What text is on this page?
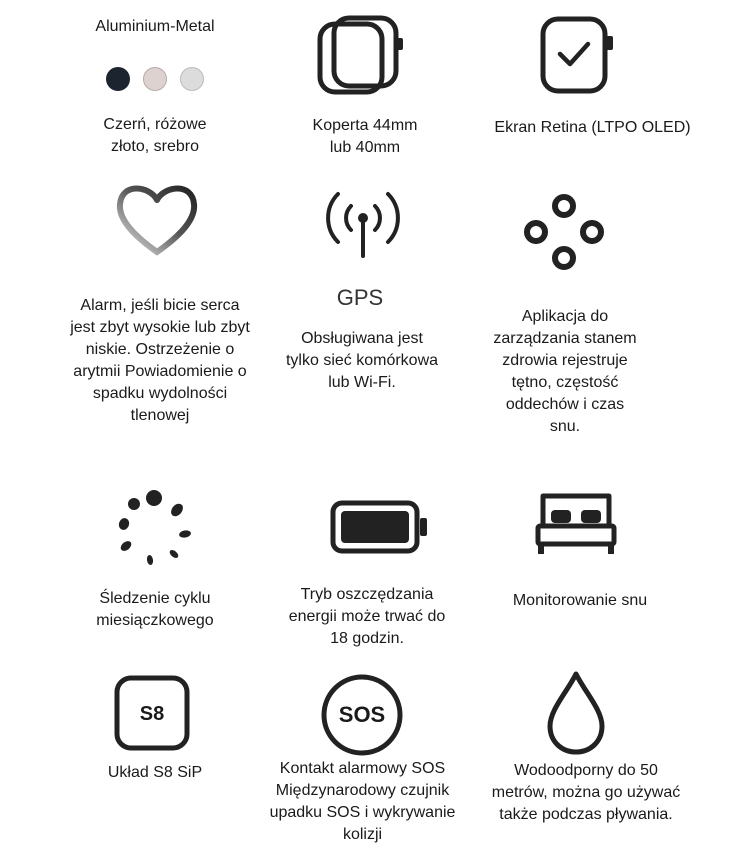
Aluminium-Metal
Czerń, różowe
złoto, srebro
Koperta 44mm
lub 40mm
Ekran Retina (LTPO OLED)
Alarm, jeśli bicie serca
jest zbyt wysokie lub zbyt
niskie. Ostrzeżenie o
arytmii Powiadomienie o
spadku wydolności
tlenowej
GPS
Obsługiwana jest
tylko sieć komórkowa
lub Wi-Fi.
Aplikacja do
zarządzania stanem
zdrowia rejestruje
tętno, częstość
oddechów i czas
snu.
Śledzenie cyklu
miesiączkowego
Tryb oszczędzania
energii może trwać do
18 godzin.
Monitorowanie snu
S8
Układ S8 SiP
SOS
Kontakt alarmowy SOS
Międzynarodowy czujnik
upadku SOS i wykrywanie
kolizji
Wodoodporny do 50
metrów, można go używać
także podczas pływania.
